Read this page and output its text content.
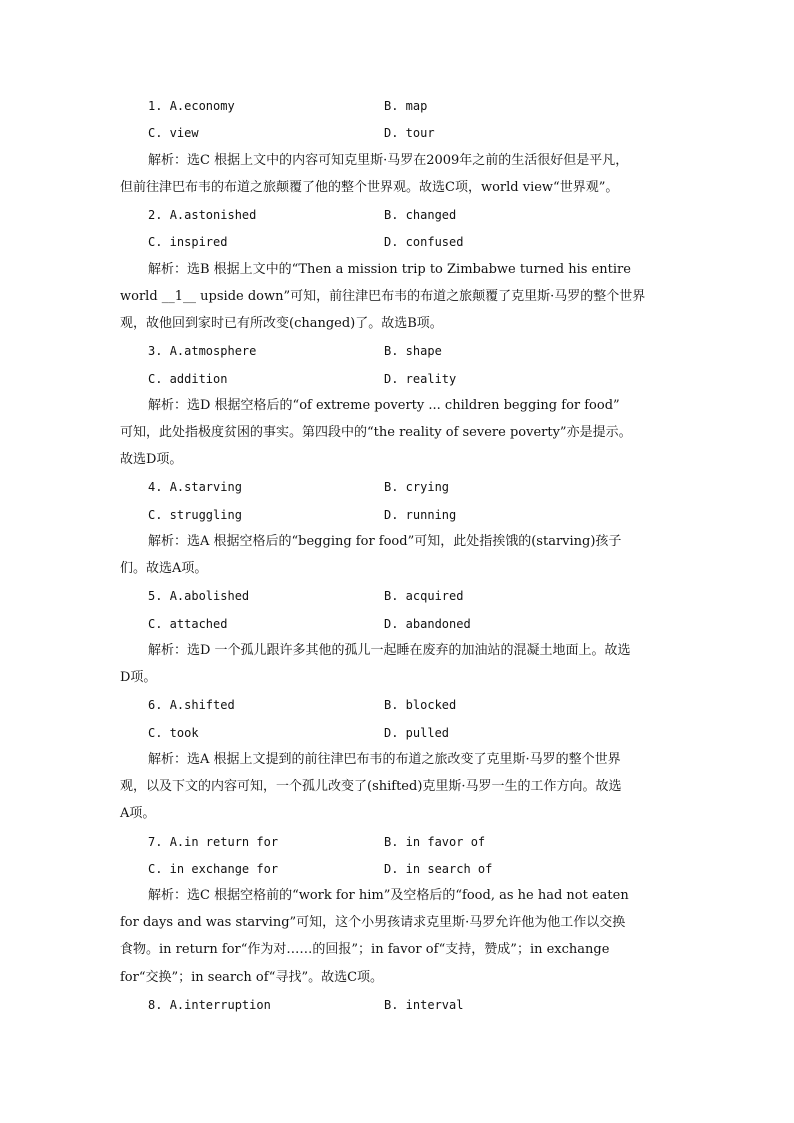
1. A.economy	B. map
C. view	D. tour
解析：选C 根据上文中的内容可知克里斯·马罗在2009年之前的生活很好但是平凡，
但前往津巴布韦的布道之旅颠覆了他的整个世界观。故选C项，world view“世界观”。
2. A.astonished	B. changed
C. inspired	D. confused
解析：选B 根据上文中的“Then a mission trip to Zimbabwe turned his entire
world __1__ upside down”可知，前往津巴布韦的布道之旅颠覆了克里斯·马罗的整个世界
观，故他回到家时已有所改变(changed)了。故选B项。
3. A.atmosphere	B. shape
C. addition	D. reality
解析：选D 根据空格后的“of extreme poverty ... children begging for food”
可知，此处指极度贫困的事实。第四段中的“the reality of severe poverty”亦是提示。
故选D项。
4. A.starving	B. crying
C. struggling	D. running
解析：选A 根据空格后的“begging for food”可知，此处指挨饿的(starving)孩子
们。故选A项。
5. A.abolished	B. acquired
C. attached	D. abandoned
解析：选D 一个孤儿跟许多其他的孤儿一起睡在废弃的加油站的混凝土地面上。故选
D项。
6. A.shifted	B. blocked
C. took	D. pulled
解析：选A 根据上文提到的前往津巴布韦的布道之旅改变了克里斯·马罗的整个世界
观，以及下文的内容可知，一个孤儿改变了(shifted)克里斯·马罗一生的工作方向。故选
A项。
7. A.in return for	B. in favor of
C. in exchange for	D. in search of
解析：选C 根据空格前的“work for him”及空格后的“food, as he had not eaten
for days and was starving”可知，这个小男孩请求克里斯·马罗允许他为他工作以交换
食物。in return for“作为对……的回报”；in favor of“支持，赞成”；in exchange
for“交换”；in search of“寻找”。故选C项。
8. A.interruption	B. interval
